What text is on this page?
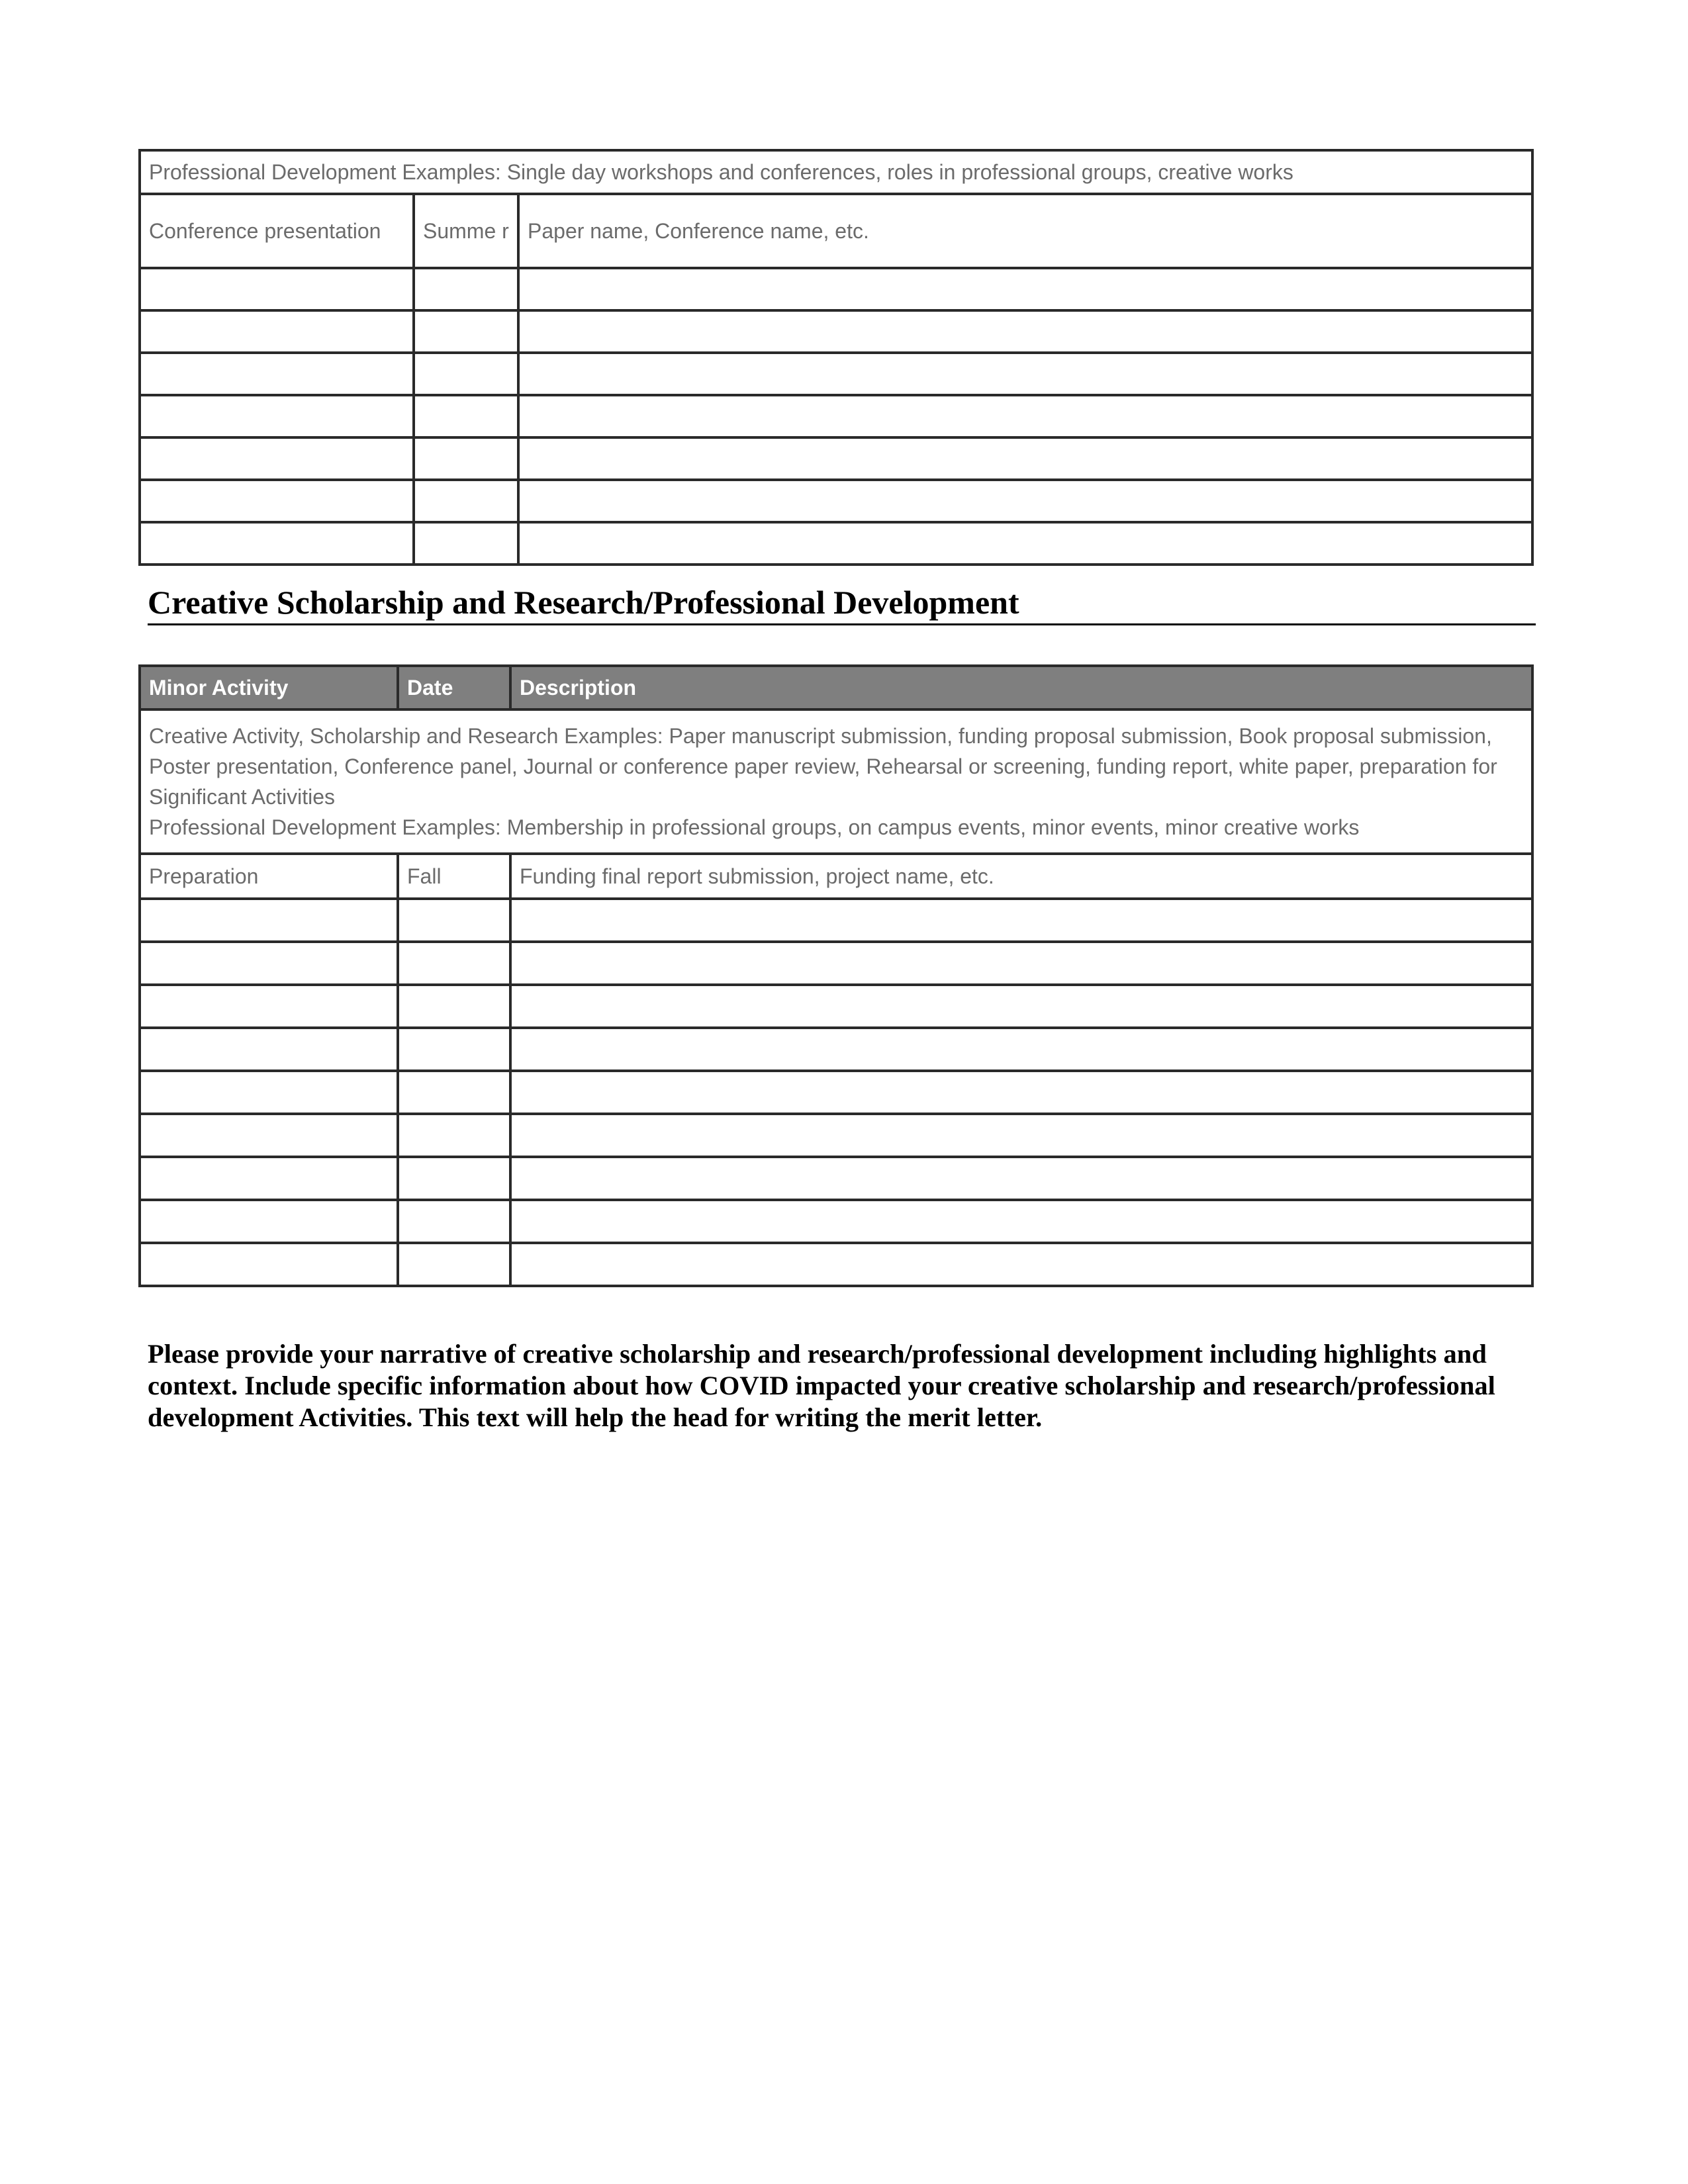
Professional Development Examples: Single day workshops and conferences, roles in professional groups, creative works		
Conference presentation	Summe r	Paper name, Conference name, etc.

Creative Scholarship and Research/Professional Development
Minor Activity	Date	Description

Creative Activity, Scholarship and Research Examples: Paper manuscript submission, funding proposal submission, Book proposal submission, Poster presentation, Conference panel, Journal or conference paper review, Rehearsal or screening, funding report, white paper, preparation for Significant Activities
Professional Development Examples: Membership in professional groups, on campus events, minor events, minor creative works		

Preparation	Fall	Funding final report submission, project name, etc.

Please provide your narrative of creative scholarship and research/professional development including highlights and context. Include specific information about how COVID impacted your creative scholarship and research/professional development Activities. This text will help the head for writing the merit letter.
